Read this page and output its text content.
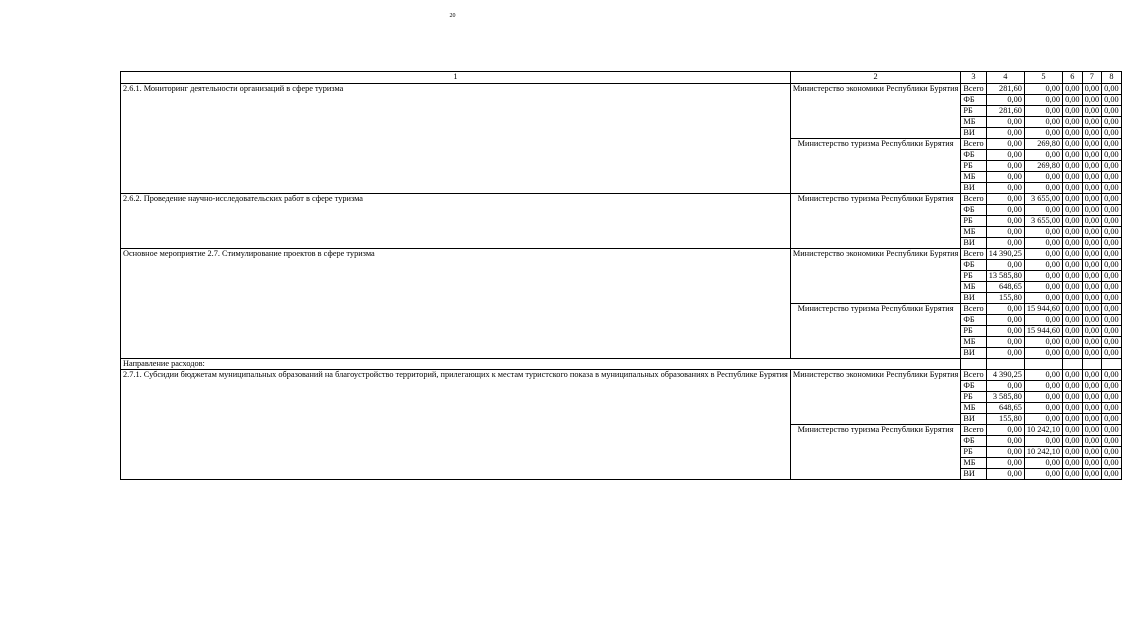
20
1	2	3	4	5	6	7	8
2.6.1. Мониторинг деятельности организаций в сфере туризма	Министерство экономики Республики Бурятия	Всего	281,60	0,00	0,00	0,00	0,00
		ФБ	0,00	0,00	0,00	0,00	0,00
		РБ	281,60	0,00	0,00	0,00	0,00
		МБ	0,00	0,00	0,00	0,00	0,00
		ВИ	0,00	0,00	0,00	0,00	0,00
	Министерство туризма Республики Бурятия	Всего	0,00	269,80	0,00	0,00	0,00
		ФБ	0,00	0,00	0,00	0,00	0,00
		РБ	0,00	269,80	0,00	0,00	0,00
		МБ	0,00	0,00	0,00	0,00	0,00
		ВИ	0,00	0,00	0,00	0,00	0,00
2.6.2. Проведение научно-исследовательских работ в сфере туризма	Министерство туризма Республики Бурятия	Всего	0,00	3 655,00	0,00	0,00	0,00
		ФБ	0,00	0,00	0,00	0,00	0,00
		РБ	0,00	3 655,00	0,00	0,00	0,00
		МБ	0,00	0,00	0,00	0,00	0,00
		ВИ	0,00	0,00	0,00	0,00	0,00
Основное мероприятие 2.7. Стимулирование проектов в сфере туризма	Министерство экономики Республики Бурятия	Всего	14 390,25	0,00	0,00	0,00	0,00
		ФБ	0,00	0,00	0,00	0,00	0,00
		РБ	13 585,80	0,00	0,00	0,00	0,00
		МБ	648,65	0,00	0,00	0,00	0,00
		ВИ	155,80	0,00	0,00	0,00	0,00
	Министерство туризма Республики Бурятия	Всего	0,00	15 944,60	0,00	0,00	0,00
		ФБ	0,00	0,00	0,00	0,00	0,00
		РБ	0,00	15 944,60	0,00	0,00	0,00
		МБ	0,00	0,00	0,00	0,00	0,00
		ВИ	0,00	0,00	0,00	0,00	0,00
Направление расходов:							
2.7.1. Субсидии бюджетам муниципальных образований на благоустройство территорий, прилегающих к местам туристского показа в муниципальных образованиях в Республике Бурятия	Министерство экономики Республики Бурятия	Всего	4 390,25	0,00	0,00	0,00	0,00
		ФБ	0,00	0,00	0,00	0,00	0,00
		РБ	3 585,80	0,00	0,00	0,00	0,00
		МБ	648,65	0,00	0,00	0,00	0,00
		ВИ	155,80	0,00	0,00	0,00	0,00
	Министерство туризма Республики Бурятия	Всего	0,00	10 242,10	0,00	0,00	0,00
		ФБ	0,00	0,00	0,00	0,00	0,00
		РБ	0,00	10 242,10	0,00	0,00	0,00
		МБ	0,00	0,00	0,00	0,00	0,00
		ВИ	0,00	0,00	0,00	0,00	0,00
